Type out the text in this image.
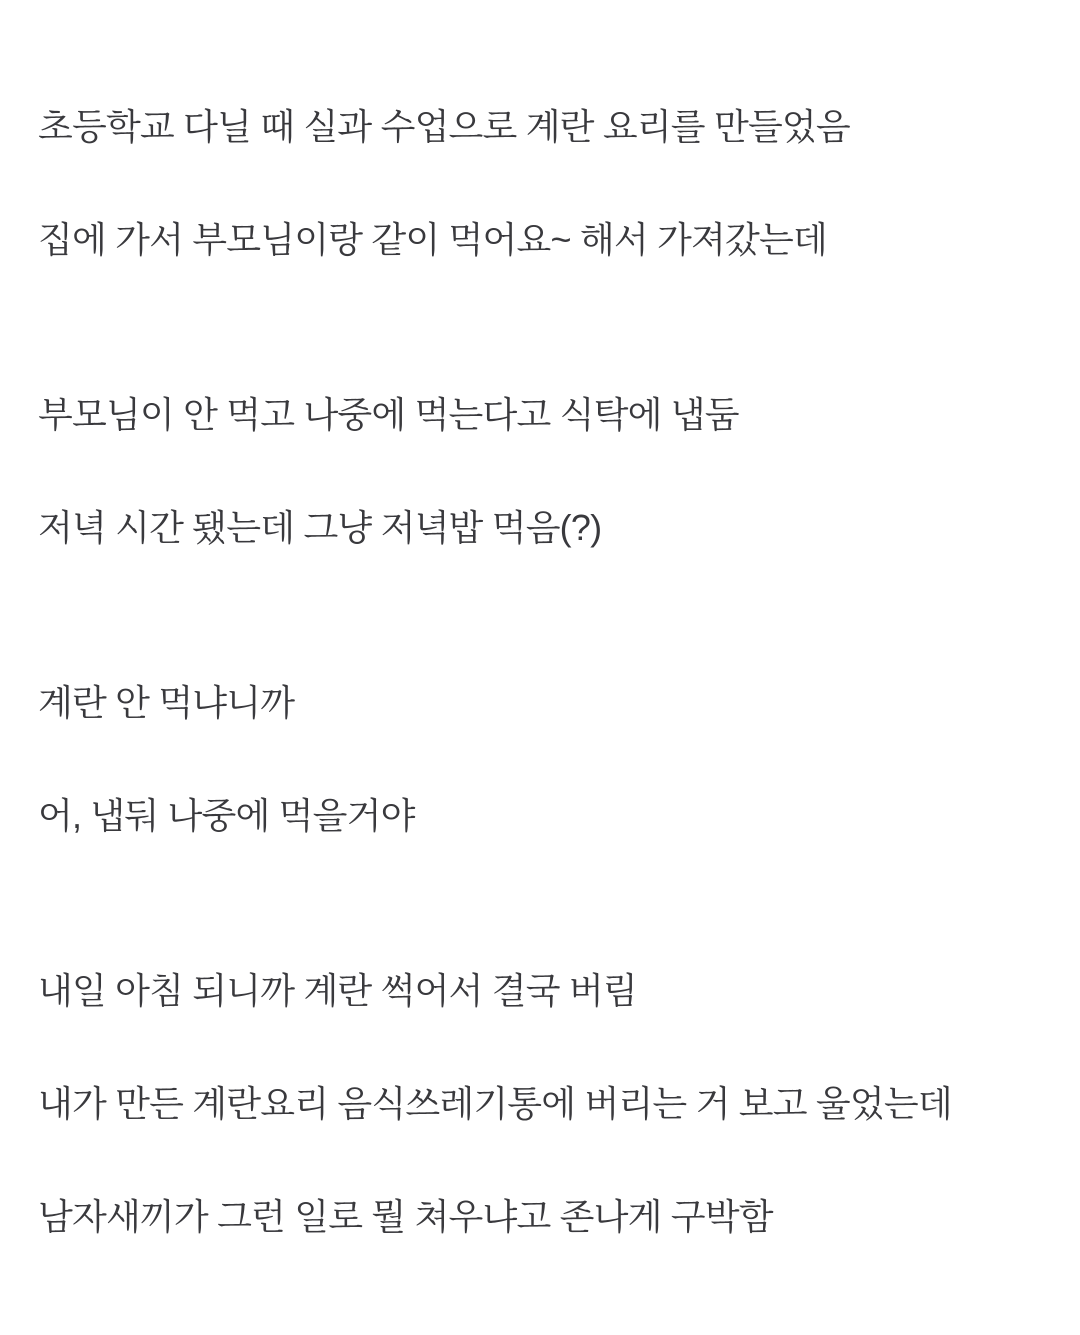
초등학교 다닐 때 실과 수업으로 계란 요리를 만들었음

집에 가서 부모님이랑 같이 먹어요~ 해서 가져갔는데

부모님이 안 먹고 나중에 먹는다고 식탁에 냅둠

저녁 시간 됐는데 그냥 저녁밥 먹음(?)

계란 안 먹냐니까

어, 냅둬 나중에 먹을거야

내일 아침 되니까 계란 썩어서 결국 버림

내가 만든 계란요리 음식쓰레기통에 버리는 거 보고 울었는데

남자새끼가 그런 일로 뭘 쳐우냐고 존나게 구박함
